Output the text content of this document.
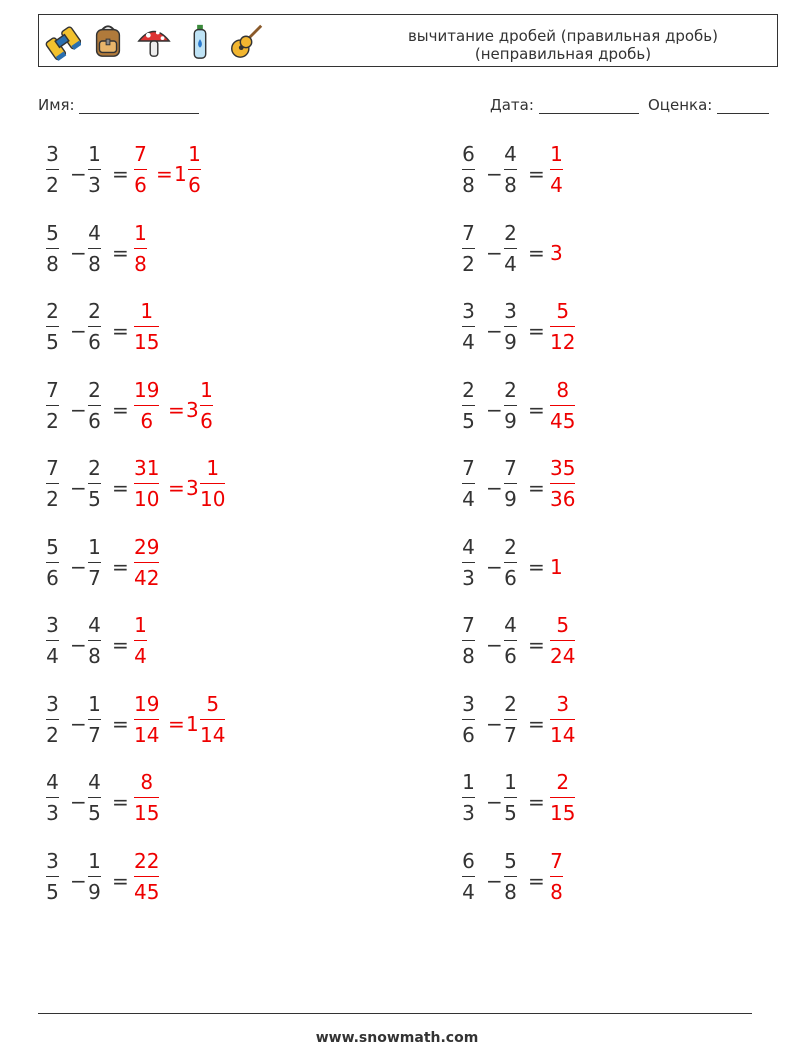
вычитание дробей (правильная дробь)
(неправильная дробь)
Имя:	Дата:	Оценка:
3
2 −
1
3 =
7
6 = 1
1
6
5
8 −
4
8 =
1
8
2
5 −
2
6 =
1
15
7
2 −
2
6 =
19
6 = 3
1
6
7
2 −
2
5 =
31
10 = 3
1
10
5
6 −
1
7 =
29
42
3
4 −
4
8 =
1
4
3
2 −
1
7 =
19
14 = 1
5
14
4
3 −
4
5 =
8
15
3
5 −
1
9 =
22
45
6
8 −
4
8 =
1
4
7
2 −
2
4 = 3
3
4 −
3
9 =
5
12
2
5 −
2
9 =
8
45
7
4 −
7
9 =
35
36
4
3 −
2
6 = 1
7
8 −
4
6 =
5
24
3
6 −
2
7 =
3
14
1
3 −
1
5 =
2
15
6
4 −
5
8 =
7
8
www.snowmath.com
